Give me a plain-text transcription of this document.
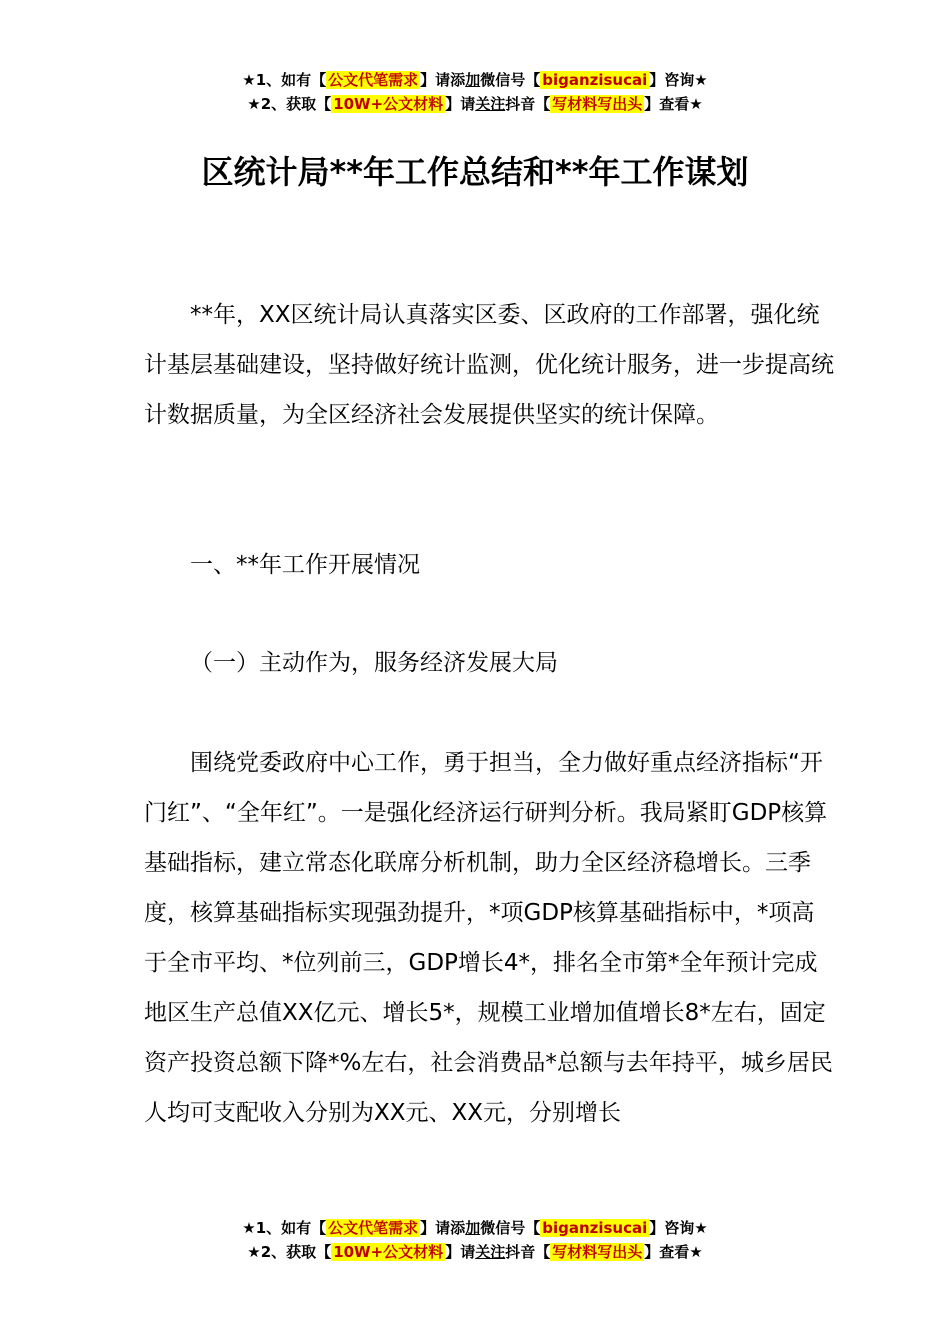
★1、如有【 公文代笔需求 】请添加微信号【 biganzisucai 】咨询★
★2、获取【 10W+公文材料 】请关注抖音【 写材料写出头 】查看★
区统计局**年工作总结和**年工作谋划

**年，XX区统计局认真落实区委、区政府的工作部署，强化统计基层基础建设，坚持做好统计监测，优化统计服务，进一步提高统计数据质量，为全区经济社会发展提供坚实的统计保障。

一、**年工作开展情况

（一）主动作为，服务经济发展大局

围绕党委政府中心工作，勇于担当，全力做好重点经济指标“开门红”、“全年红”。一是强化经济运行研判分析。我局紧盯GDP核算基础指标，建立常态化联席分析机制，助力全区经济稳增长。三季度，核算基础指标实现强劲提升，*项GDP核算基础指标中，*项高于全市平均、*位列前三，GDP增长4*，排名全市第*全年预计完成地区生产总值XX亿元、增长5*，规模工业增加值增长8*左右，固定资产投资总额下降*%左右，社会消费品*总额与去年持平，城乡居民人均可支配收入分别为XX元、XX元，分别增长

★1、如有【 公文代笔需求 】请添加微信号【 biganzisucai 】咨询★
★2、获取【 10W+公文材料 】请关注抖音【 写材料写出头 】查看★
